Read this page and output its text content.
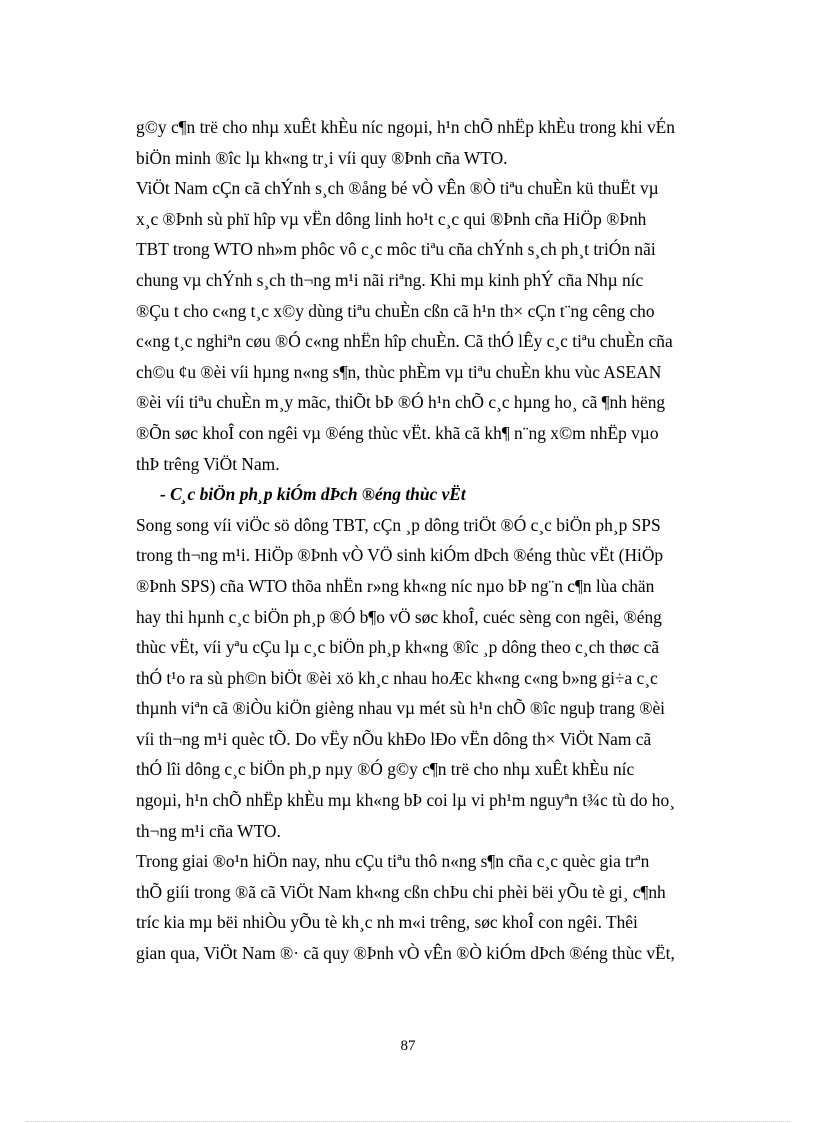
g©y c¶n trë cho nhµ xuÊt khÈu níc ngoµi, h¹n chÕ nhËp khÈu trong khi vÉn
biÖn minh ®îc lµ kh«ng tr¸i víi quy ®Þnh cña WTO.
ViÖt Nam cÇn cã chÝnh s¸ch ®ång bé vÒ vÊn ®Ò tiªu chuÈn kü thuËt vµ
x¸c ®Þnh sù phï hîp vµ vËn dông linh ho¹t c¸c qui ®Þnh cña HiÖp ®Þnh
TBT trong WTO nh»m phôc vô c¸c môc tiªu cña chÝnh s¸ch ph¸t triÓn nãi
chung vµ chÝnh s¸ch th¬ng m¹i nãi riªng. Khi mµ kinh phÝ cña Nhµ níc
®Çu t cho c«ng t¸c x©y dùng tiªu chuÈn cßn cã h¹n th× cÇn t¨ng cêng cho
c«ng t¸c nghiªn cøu ®Ó c«ng nhËn hîp chuÈn. Cã thÓ lÊy c¸c tiªu chuÈn cña
ch©u ¢u ®èi víi hµng n«ng s¶n, thùc phÈm vµ tiªu chuÈn khu vùc ASEAN
®èi víi tiªu chuÈn m¸y mãc, thiÕt bÞ ®Ó h¹n chÕ c¸c hµng ho¸ cã ¶nh hëng
®Õn søc khoÎ con ngêi vµ ®éng thùc vËt. khã cã kh¶ n¨ng x©m nhËp vµo
thÞ trêng ViÖt Nam.
- C¸c biÖn ph¸p kiÓm dÞch ®éng thùc vËt
Song song víi viÖc sö dông TBT, cÇn ¸p dông triÖt ®Ó c¸c biÖn ph¸p SPS
trong th¬ng m¹i. HiÖp ®Þnh vÒ VÖ sinh kiÓm dÞch ®éng thùc vËt (HiÖp
®Þnh SPS) cña WTO thõa nhËn r»ng kh«ng níc nµo bÞ ng¨n c¶n lùa chän
hay thi hµnh c¸c biÖn ph¸p ®Ó b¶o vÖ søc khoÎ, cuéc sèng con ngêi, ®éng
thùc vËt, víi yªu cÇu lµ c¸c biÖn ph¸p kh«ng ®îc ¸p dông theo c¸ch thøc cã
thÓ t¹o ra sù ph©n biÖt ®èi xö kh¸c nhau hoÆc kh«ng c«ng b»ng gi÷a c¸c
thµnh viªn cã ®iÒu kiÖn gièng nhau vµ mét sù h¹n chÕ ®îc nguþ trang ®èi
víi th¬ng m¹i quèc tÕ. Do vËy nÕu khÐo lÐo vËn dông th× ViÖt Nam cã
thÓ lîi dông c¸c biÖn ph¸p nµy ®Ó g©y c¶n trë cho nhµ xuÊt khÈu níc
ngoµi, h¹n chÕ nhËp khÈu mµ kh«ng bÞ coi lµ vi ph¹m nguyªn t¾c tù do ho¸
th¬ng m¹i cña WTO.
Trong giai ®o¹n hiÖn nay, nhu cÇu tiªu thô n«ng s¶n cña c¸c quèc gia trªn
thÕ giíi trong ®ã cã ViÖt Nam kh«ng cßn chÞu chi phèi bëi yÕu tè gi¸ c¶nh
tríc kia mµ bëi nhiÒu yÕu tè kh¸c nh m«i trêng, søc khoÎ con ngêi. Thêi
gian qua, ViÖt Nam ®· cã quy ®Þnh vÒ vÊn ®Ò kiÓm dÞch ®éng thùc vËt,
87
